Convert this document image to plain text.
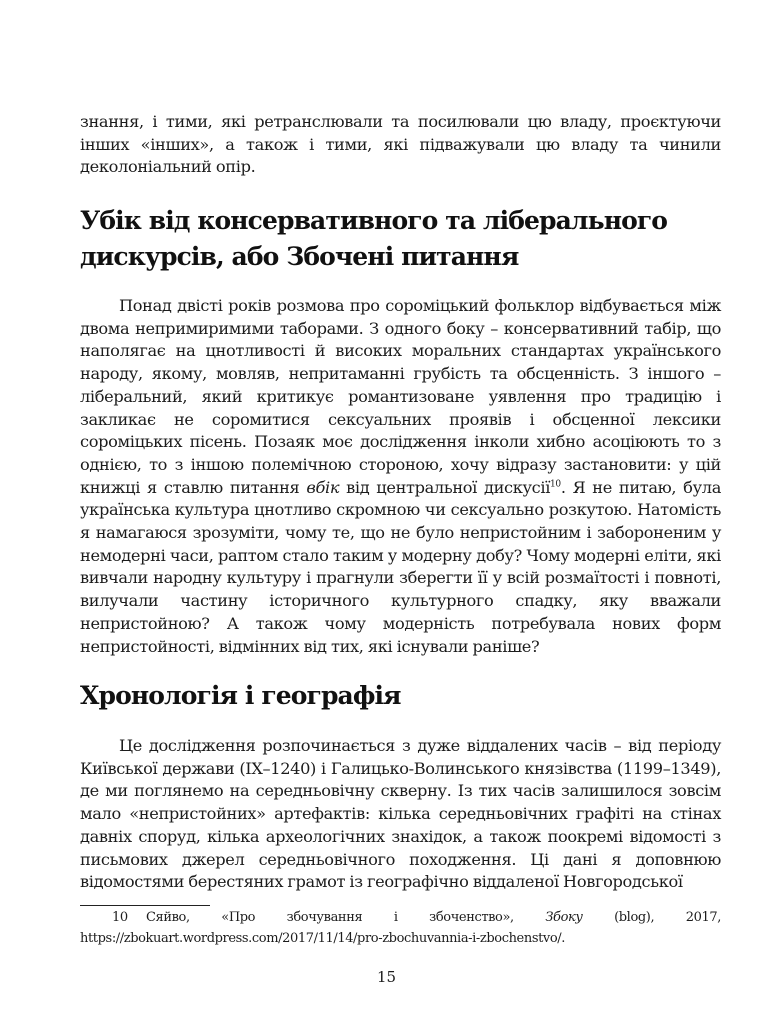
знання, і тими, які ретранслювали та посилювали цю владу, проєктуючи інших «інших», а також і тими, які підважували цю владу та чинили деколоніальний опір.

Убік від консервативного та ліберального
дискурсів, або Збочені питання

Понад двісті років розмова про сороміцький фольклор відбувається між двома непримиримими таборами. З одного боку – консервативний табір, що наполягає на цнотливості й високих моральних стандартах українського народу, якому, мовляв, непритаманні грубість та обсценність. З іншого – ліберальний, який критикує романтизоване уявлення про традицію і закликає не соромитися сексуальних проявів і обсценної лексики сороміцьких пісень. Позаяк моє дослідження інколи хибно асоціюють то з однією, то з іншою полемічною стороною, хочу відразу застановити: у цій книжці я ставлю питання вбік від центральної дискусії$^{10}$. Я не питаю, була українська культура цнотливо скромною чи сексуально розкутою. Натомість я намагаюся зрозуміти, чому те, що не було непристойним і забороненим у немодерні часи, раптом стало таким у модерну добу? Чому модерні еліти, які вивчали народну культуру і прагнули зберегти її у всій розмаїтості і повноті, вилучали частину історичного культурного спадку, яку вважали непристойною? А також чому модерність потребувала нових форм непристойності, відмінних від тих, які існували раніше?

Хронологія і географія

Це дослідження розпочинається з дуже віддалених часів – від періоду Київської держави (IX–1240) і Галицько-Волинського князівства (1199–1349), де ми поглянемо на середньовічну скверну. Із тих часів залишилося зовсім мало «непристойних» артефактів: кілька середньовічних графіті на стінах давніх споруд, кілька археологічних знахідок, а також поокремі відомості з письмових джерел середньовічного походження. Ці дані я доповнюю відомостями берестяних грамот із географічно віддаленої Новгородської

10 Сяйво, «Про збочування і збоченство», Збоку (blog), 2017, https://zbokuart.wordpress.com/2017/11/14/pro-zbochuvannia-i-zbochenstvo/.
15
